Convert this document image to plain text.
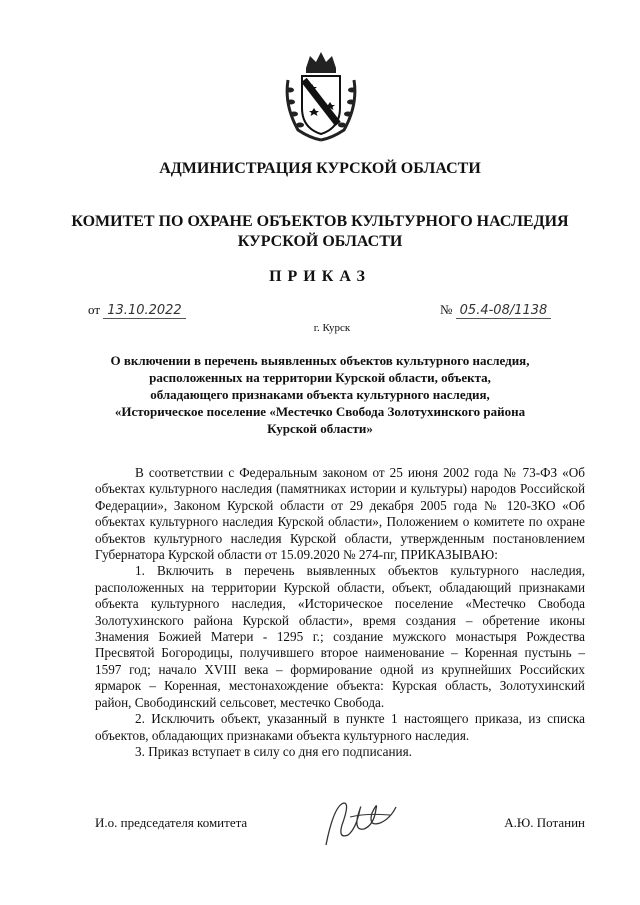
АДМИНИСТРАЦИЯ КУРСКОЙ ОБЛАСТИ
КОМИТЕТ ПО ОХРАНЕ ОБЪЕКТОВ КУЛЬТУРНОГО НАСЛЕДИЯ
КУРСКОЙ ОБЛАСТИ
ПРИКАЗ
от 13.10.2022	№ 05.4-08/1138
г. Курск
О включении в перечень выявленных объектов культурного наследия, расположенных на территории Курской области, объекта, обладающего признаками объекта культурного наследия, «Историческое поселение «Местечко Свобода Золотухинского района Курской области»

В соответствии с Федеральным законом от 25 июня 2002 года № 73-ФЗ «Об объектах культурного наследия (памятниках истории и культуры) народов Российской Федерации», Законом Курской области от 29 декабря 2005 года № 120-ЗКО «Об объектах культурного наследия Курской области», Положением о комитете по охране объектов культурного наследия Курской области, утвержденным постановлением Губернатора Курской области от 15.09.2020 № 274-пг, ПРИКАЗЫВАЮ:

1. Включить в перечень выявленных объектов культурного наследия, расположенных на территории Курской области, объект, обладающий признаками объекта культурного наследия, «Историческое поселение «Местечко Свобода Золотухинского района Курской области», время создания – обретение иконы Знамения Божией Матери - 1295 г.; создание мужского монастыря Рождества Пресвятой Богородицы, получившего второе наименование – Коренная пустынь – 1597 год; начало XVIII века – формирование одной из крупнейших Российских ярмарок – Коренная, местонахождение объекта: Курская область, Золотухинский район, Свободинский сельсовет, местечко Свобода.

2. Исключить объект, указанный в пункте 1 настоящего приказа, из списка объектов, обладающих признаками объекта культурного наследия.

3. Приказ вступает в силу со дня его подписания.

И.о. председателя комитета	А.Ю. Потанин
